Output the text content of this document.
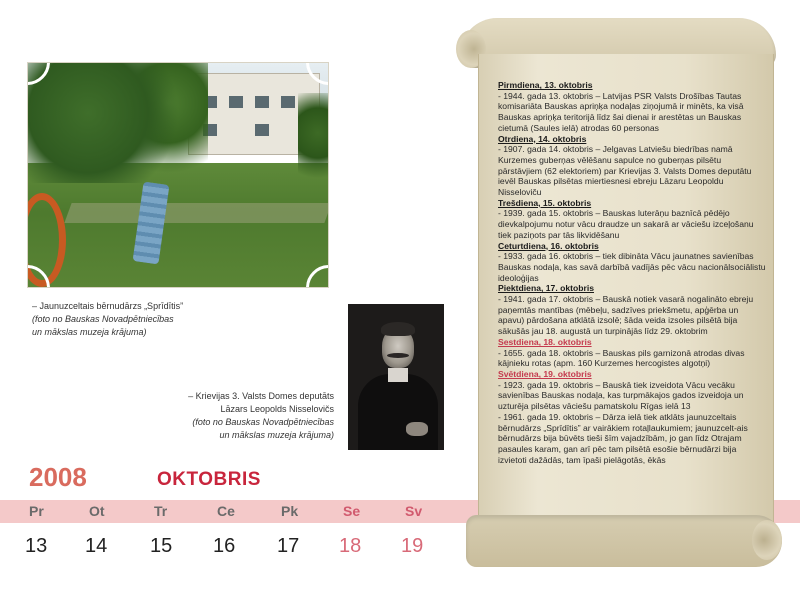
– Jaunuzceltais bērnudārzs „Sprīdītis”
(foto no Bauskas Novadpētniecības
un mākslas muzeja krājuma)
– Krievijas 3. Valsts Domes deputāts
Lāzars Leopolds Nisselovičs
(foto no Bauskas Novadpētniecības
un mākslas muzeja krājuma)
2008	OKTOBRIS
Pr
13
Ot
14
Tr
15
Ce
16
Pk
17
Se
18
Sv
19

Pirmdiena, 13. oktobris

- 1944. gada 13. oktobris – Latvijas PSR Valsts Drošības Tautas komisariāta Bauskas apriņķa nodaļas ziņojumā ir minēts, ka visā Bauskas apriņķa teritorijā līdz šai dienai ir arestētas un Bauskas cietumā (Saules ielā) atrodas 60 personas

Otrdiena, 14. oktobris

- 1907. gada 14. oktobris – Jelgavas Latviešu biedrības namā Kurzemes guberņas vēlēšanu sapulce no guberņas pilsētu pārstāvjiem (62 elektoriem) par Krievijas 3. Valsts Domes deputātu ievēl Bauskas pilsētas miertiesnesi ebreju Lāzaru Leopoldu Nisseloviču

Trešdiena, 15. oktobris

- 1939. gada 15. oktobris – Bauskas luterāņu baznīcā pēdējo dievkalpojumu notur vācu draudze un sakarā ar vāciešu izceļošanu tiek paziņots par tās likvidēšanu

Ceturtdiena, 16. oktobris

- 1933. gada 16. oktobris – tiek dibināta Vācu jaunatnes savienības Bauskas nodaļa, kas savā darbībā vadījās pēc vācu nacionālsociālistu ideoloģijas

Piektdiena, 17. oktobris

- 1941. gada 17. oktobris – Bauskā notiek vasarā nogalināto ebreju paņemtās mantības (mēbeļu, sadzīves priekšmetu, apģērba un apavu) pārdošana atklātā izsolē; šāda veida izsoles pilsētā bija sākušās jau 18. augustā un turpinājās līdz 29. oktobrim

Sestdiena, 18. oktobris

- 1655. gada 18. oktobris – Bauskas pils garnizonā atrodas divas kājnieku rotas (apm. 160 Kurzemes hercogistes algotņi)

Svētdiena, 19. oktobris

- 1923. gada 19. oktobris – Bauskā tiek izveidota Vācu vecāku savienības Bauskas nodaļa, kas turpmākajos gados izveidoja un uzturēja pilsētas vāciešu pamatskolu Rīgas ielā 13

- 1961. gada 19. oktobris – Dārza ielā tiek atklāts jaunuzceltais bērnudārzs „Sprīdītis” ar vairākiem rotaļlaukumiem; jaunuzcelt-ais bērnudārzs bija būvēts tieši šīm vajadzībām, jo gan līdz Otrajam pasaules karam, gan arī pēc tam pilsētā esošie bērnudārzi bija izvietoti dažādās, tam īpaši pielāgotās, ēkās
